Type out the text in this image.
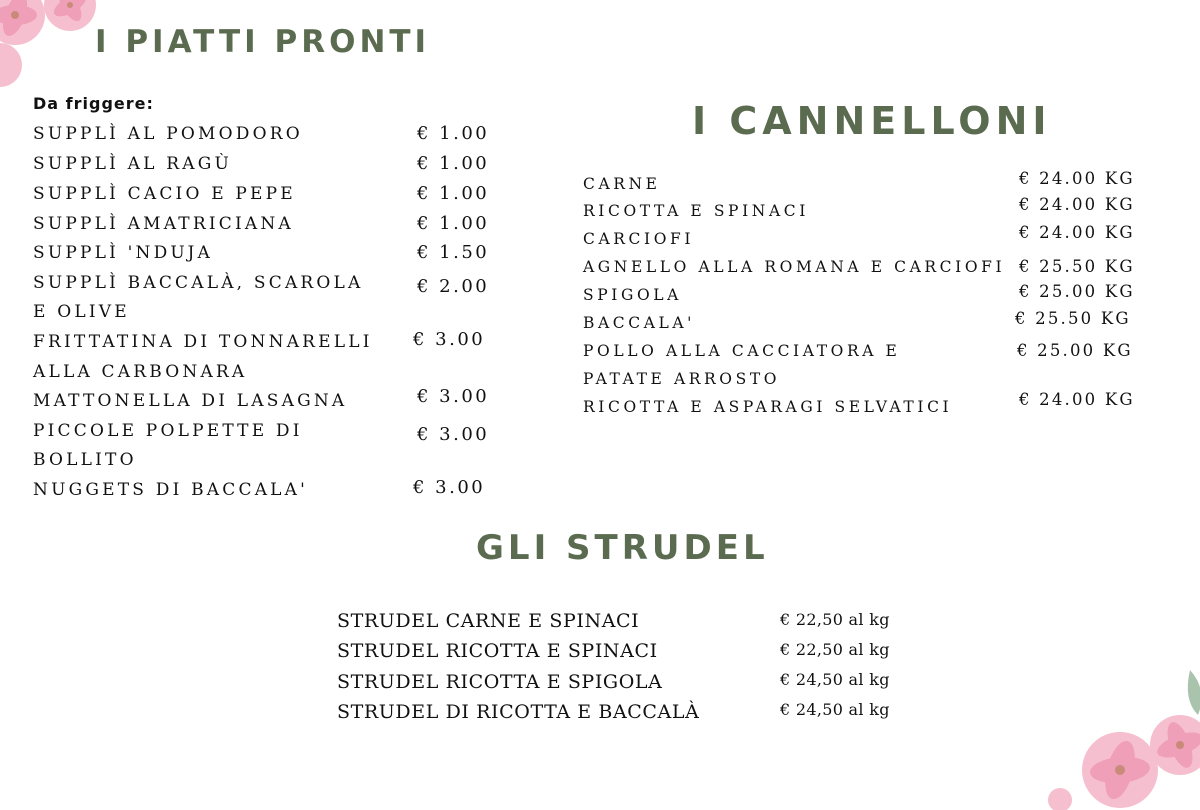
I PIATTI PRONTI
Da friggere:
SUPPLÌ AL POMODORO	€ 1.00
SUPPLÌ AL RAGÙ	€ 1.00
SUPPLÌ CACIO E PEPE	€ 1.00
SUPPLÌ AMATRICIANA	€ 1.00
SUPPLÌ 'NDUJA	€ 1.50
SUPPLÌ BACCALÀ, SCAROLA	€ 2.00
E OLIVE
FRITTATINA DI TONNARELLI € 3.00
ALLA CARBONARA
MATTONELLA DI LASAGNA	€ 3.00
PICCOLE POLPETTE DI	€ 3.00
BOLLITO
NUGGETS DI BACCALA'	€ 3.00
I CANNELLONI
CARNE	€ 24.00 KG
RICOTTA E SPINACI	€ 24.00 KG
CARCIOFI	€ 24.00 KG
AGNELLO ALLA ROMANA E CARCIOFI € 25.50 KG
SPIGOLA	€ 25.00 KG
BACCALA'	€ 25.50 KG
POLLO ALLA CACCIATORA E	€ 25.00 KG
PATATE ARROSTO
RICOTTA E ASPARAGI SELVATICI	€ 24.00 KG
GLI STRUDEL
STRUDEL CARNE E SPINACI	€ 22,50 al kg
STRUDEL RICOTTA E SPINACI	€ 22,50 al kg
STRUDEL RICOTTA E SPIGOLA	€ 24,50 al kg
STRUDEL DI RICOTTA E BACCALÀ	€ 24,50 al kg
